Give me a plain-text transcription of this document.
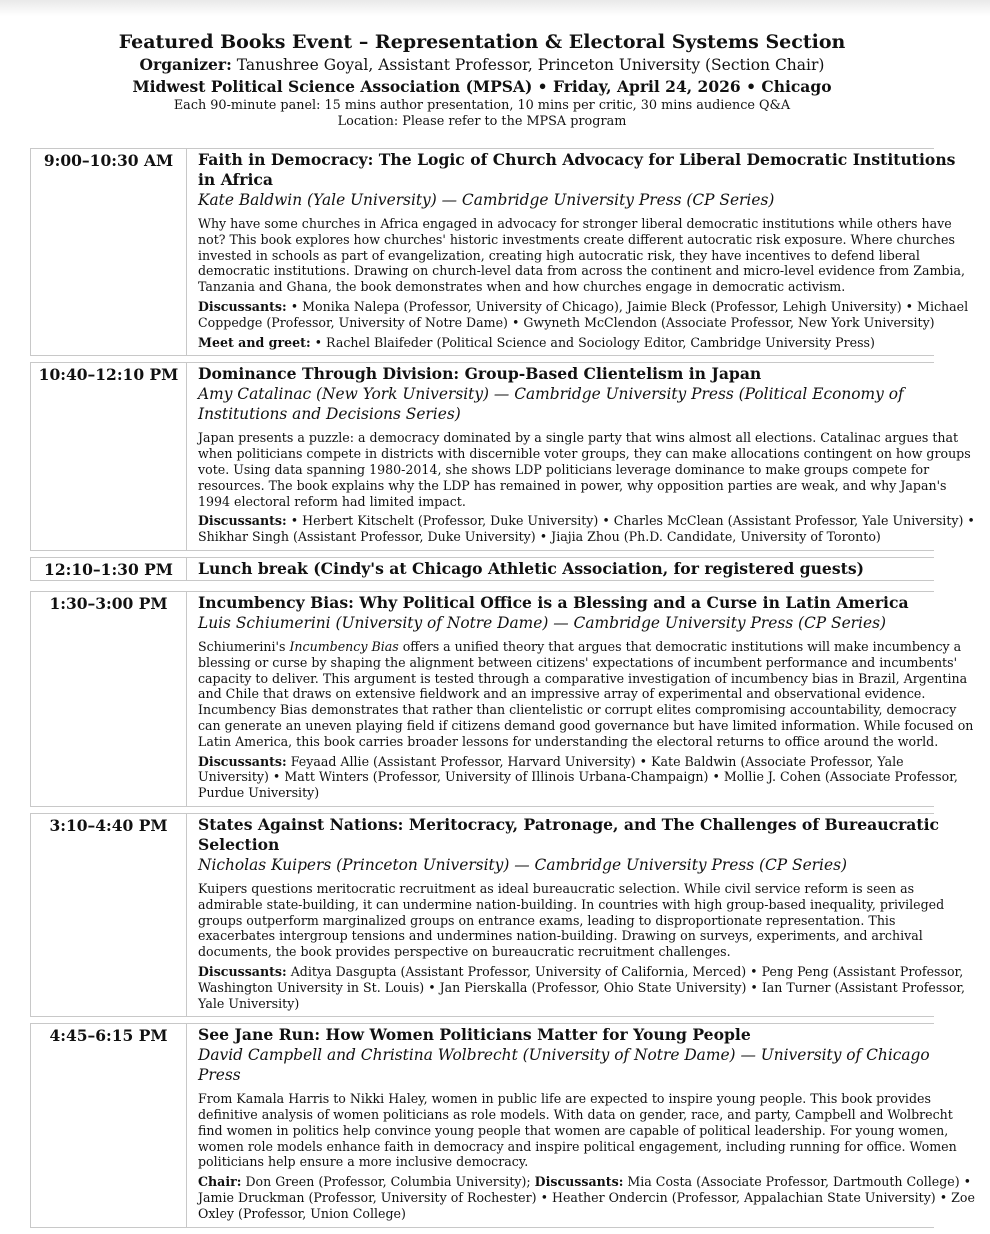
Featured Books Event – Representation & Electoral Systems Section
Organizer: Tanushree Goyal, Assistant Professor, Princeton University (Section Chair)
Midwest Political Science Association (MPSA) • Friday, April 24, 2026 • Chicago
Each 90-minute panel: 15 mins author presentation, 10 mins per critic, 30 mins audience Q&A
Location: Please refer to the MPSA program
9:00–10:30 AM	Faith in Democracy: The Logic of Church Advocacy for Liberal Democratic Institutions in Africa
Kate Baldwin (Yale University) — Cambridge University Press (CP Series)
Why have some churches in Africa engaged in advocacy for stronger liberal democratic institutions while others have not? This book explores how churches' historic investments create different autocratic risk exposure. Where churches invested in schools as part of evangelization, creating high autocratic risk, they have incentives to defend liberal democratic institutions. Drawing on church-level data from across the continent and micro-level evidence from Zambia, Tanzania and Ghana, the book demonstrates when and how churches engage in democratic activism.
Discussants: • Monika Nalepa (Professor, University of Chicago), Jaimie Bleck (Professor, Lehigh University) • Michael Coppedge (Professor, University of Notre Dame) • Gwyneth McClendon (Associate Professor, New York University)
Meet and greet: • Rachel Blaifeder (Political Science and Sociology Editor, Cambridge University Press)
10:40–12:10 PM	Dominance Through Division: Group-Based Clientelism in Japan
Amy Catalinac (New York University) — Cambridge University Press (Political Economy of Institutions and Decisions Series)
Japan presents a puzzle: a democracy dominated by a single party that wins almost all elections. Catalinac argues that when politicians compete in districts with discernible voter groups, they can make allocations contingent on how groups vote. Using data spanning 1980-2014, she shows LDP politicians leverage dominance to make groups compete for resources. The book explains why the LDP has remained in power, why opposition parties are weak, and why Japan's 1994 electoral reform had limited impact.
Discussants: • Herbert Kitschelt (Professor, Duke University) • Charles McClean (Assistant Professor, Yale University) • Shikhar Singh (Assistant Professor, Duke University) • Jiajia Zhou (Ph.D. Candidate, University of Toronto)
12:10–1:30 PM	Lunch break (Cindy's at Chicago Athletic Association, for registered guests)
1:30–3:00 PM	Incumbency Bias: Why Political Office is a Blessing and a Curse in Latin America
Luis Schiumerini (University of Notre Dame) — Cambridge University Press (CP Series)
Schiumerini's Incumbency Bias offers a unified theory that argues that democratic institutions will make incumbency a blessing or curse by shaping the alignment between citizens' expectations of incumbent performance and incumbents' capacity to deliver. This argument is tested through a comparative investigation of incumbency bias in Brazil, Argentina and Chile that draws on extensive fieldwork and an impressive array of experimental and observational evidence. Incumbency Bias demonstrates that rather than clientelistic or corrupt elites compromising accountability, democracy can generate an uneven playing field if citizens demand good governance but have limited information. While focused on Latin America, this book carries broader lessons for understanding the electoral returns to office around the world.
Discussants: Feyaad Allie (Assistant Professor, Harvard University) • Kate Baldwin (Associate Professor, Yale University) • Matt Winters (Professor, University of Illinois Urbana-Champaign) • Mollie J. Cohen (Associate Professor, Purdue University)
3:10–4:40 PM	States Against Nations: Meritocracy, Patronage, and The Challenges of Bureaucratic Selection
Nicholas Kuipers (Princeton University) — Cambridge University Press (CP Series)
Kuipers questions meritocratic recruitment as ideal bureaucratic selection. While civil service reform is seen as admirable state-building, it can undermine nation-building. In countries with high group-based inequality, privileged groups outperform marginalized groups on entrance exams, leading to disproportionate representation. This exacerbates intergroup tensions and undermines nation-building. Drawing on surveys, experiments, and archival documents, the book provides perspective on bureaucratic recruitment challenges.
Discussants: Aditya Dasgupta (Assistant Professor, University of California, Merced) • Peng Peng (Assistant Professor, Washington University in St. Louis) • Jan Pierskalla (Professor, Ohio State University) • Ian Turner (Assistant Professor, Yale University)
4:45–6:15 PM	See Jane Run: How Women Politicians Matter for Young People
David Campbell and Christina Wolbrecht (University of Notre Dame) — University of Chicago Press
From Kamala Harris to Nikki Haley, women in public life are expected to inspire young people. This book provides definitive analysis of women politicians as role models. With data on gender, race, and party, Campbell and Wolbrecht find women in politics help convince young people that women are capable of political leadership. For young women, women role models enhance faith in democracy and inspire political engagement, including running for office. Women politicians help ensure a more inclusive democracy.
Chair: Don Green (Professor, Columbia University); Discussants: Mia Costa (Associate Professor, Dartmouth College) • Jamie Druckman (Professor, University of Rochester) • Heather Ondercin (Professor, Appalachian State University) • Zoe Oxley (Professor, Union College)
